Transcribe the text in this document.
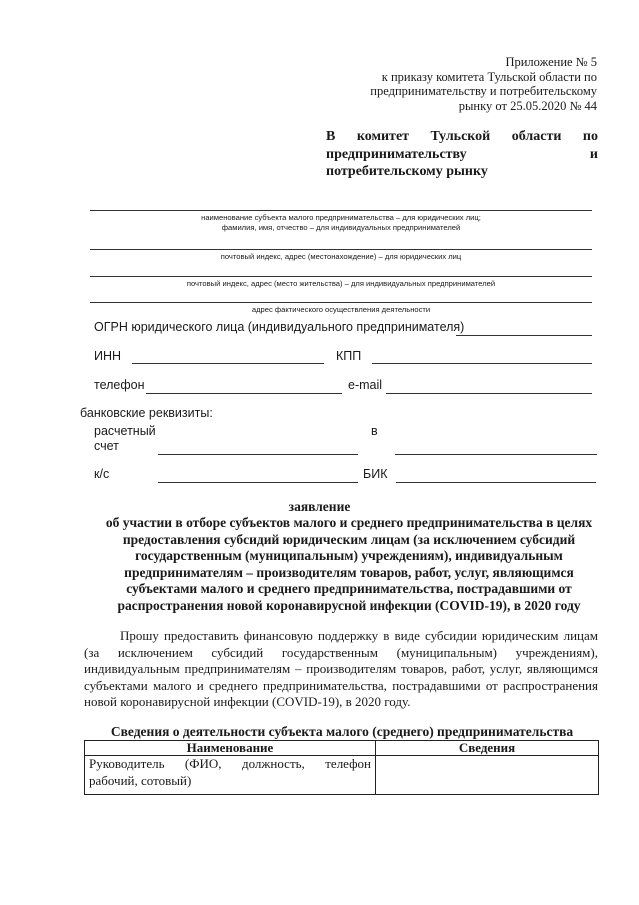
Приложение № 5
к приказу комитета Тульской области по
предпринимательству и потребительскому
рынку от 25.05.2020 № 44
В комитет Тульской области по
предпринимательству	и
потребительскому рынку
наименование субъекта малого предпринимательства – для юридических лиц;
фамилия, имя, отчество – для индивидуальных предпринимателей
почтовый индекс, адрес (местонахождение) – для юридических лиц
почтовый индекс, адрес (место жительства) – для индивидуальных предпринимателей
адрес фактического осуществления деятельности
ОГРН юридического лица (индивидуального предпринимателя)
ИНН	КПП
телефон	e-mail
банковские реквизиты:
расчетный
счет
в
к/с	БИК
заявление
об участии в отборе субъектов малого и среднего предпринимательства в целях
предоставления субсидий юридическим лицам (за исключением субсидий
государственным (муниципальным) учреждениям), индивидуальным
предпринимателям – производителям товаров, работ, услуг, являющимся
субъектами малого и среднего предпринимательства, пострадавшими от
распространения новой коронавирусной инфекции (COVID-19), в 2020 году
Прошу предоставить финансовую поддержку в виде субсидии юридическим лицам (за исключением субсидий государственным (муниципальным) учреждениям), индивидуальным предпринимателям – производителям товаров, работ, услуг, являющимся субъектами малого и среднего предпринимательства, пострадавшими от распространения новой коронавирусной инфекции (COVID-19), в 2020 году.
Сведения о деятельности субъекта малого (среднего) предпринимательства
Наименование	Сведения
Руководитель (ФИО, должность, телефон рабочий, сотовый)	
